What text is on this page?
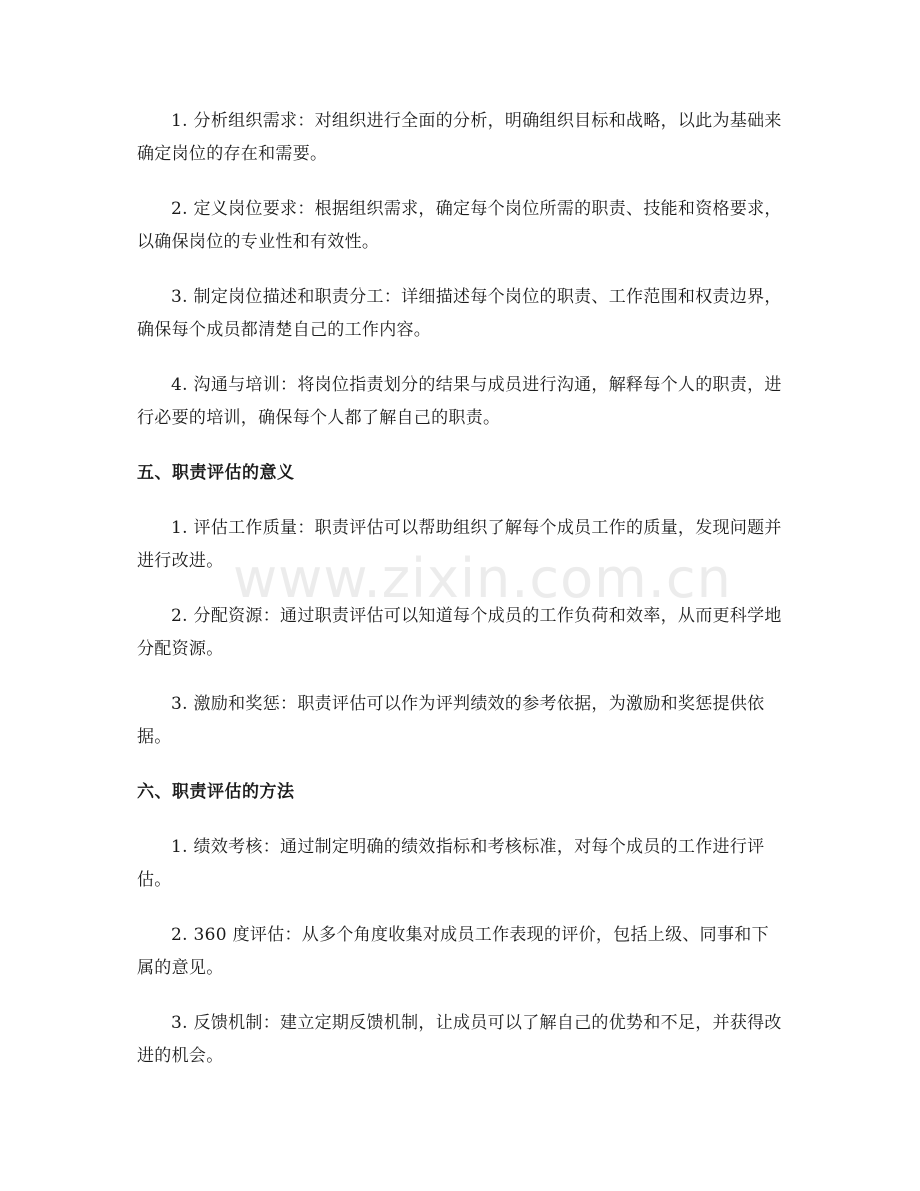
1. 分析组织需求：对组织进行全面的分析，明确组织目标和战略，以此为基础来确定岗位的存在和需要。

2. 定义岗位要求：根据组织需求，确定每个岗位所需的职责、技能和资格要求，以确保岗位的专业性和有效性。

3. 制定岗位描述和职责分工：详细描述每个岗位的职责、工作范围和权责边界，确保每个成员都清楚自己的工作内容。

4. 沟通与培训：将岗位指责划分的结果与成员进行沟通，解释每个人的职责，进行必要的培训，确保每个人都了解自己的职责。

五、职责评估的意义

1. 评估工作质量：职责评估可以帮助组织了解每个成员工作的质量，发现问题并进行改进。

2. 分配资源：通过职责评估可以知道每个成员的工作负荷和效率，从而更科学地分配资源。

3. 激励和奖惩：职责评估可以作为评判绩效的参考依据，为激励和奖惩提供依据。

六、职责评估的方法

1. 绩效考核：通过制定明确的绩效指标和考核标准，对每个成员的工作进行评估。

2. 360 度评估：从多个角度收集对成员工作表现的评价，包括上级、同事和下属的意见。

3. 反馈机制：建立定期反馈机制，让成员可以了解自己的优势和不足，并获得改进的机会。

www.zixin.com.cn
